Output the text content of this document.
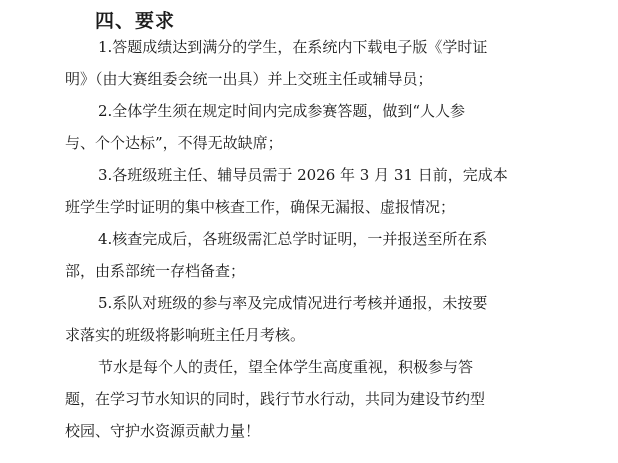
四、要求
1.答题成绩达到满分的学生，在系统内下载电子版《学时证
明》（由大赛组委会统一出具）并上交班主任或辅导员；
2.全体学生须在规定时间内完成参赛答题，做到“人人参
与、个个达标”，不得无故缺席；
3.各班级班主任、辅导员需于 2026 年 3 月 31 日前，完成本
班学生学时证明的集中核查工作，确保无漏报、虚报情况；
4.核查完成后，各班级需汇总学时证明，一并报送至所在系
部，由系部统一存档备查；
5.系队对班级的参与率及完成情况进行考核并通报，未按要
求落实的班级将影响班主任月考核。
节水是每个人的责任，望全体学生高度重视，积极参与答
题，在学习节水知识的同时，践行节水行动，共同为建设节约型
校园、守护水资源贡献力量！
